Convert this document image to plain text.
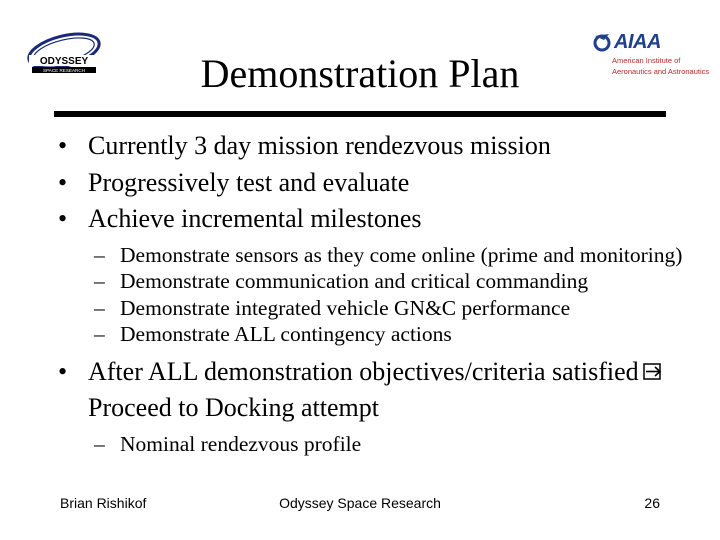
ODYSSEY
SPACE RESEARCH
AIAA
American Institute of
Aeronautics and Astronautics
Demonstration Plan
• Currently 3 day mission rendezvous mission
• Progressively test and evaluate
• Achieve incremental milestones
– Demonstrate sensors as they come online (prime and monitoring)
– Demonstrate communication and critical commanding
– Demonstrate integrated vehicle GN&C performance
– Demonstrate ALL contingency actions
• After ALL demonstration objectives/criteria satisfiedProceed to Docking attempt
– Nominal rendezvous profile
Brian Rishikof	Odyssey Space Research	26
